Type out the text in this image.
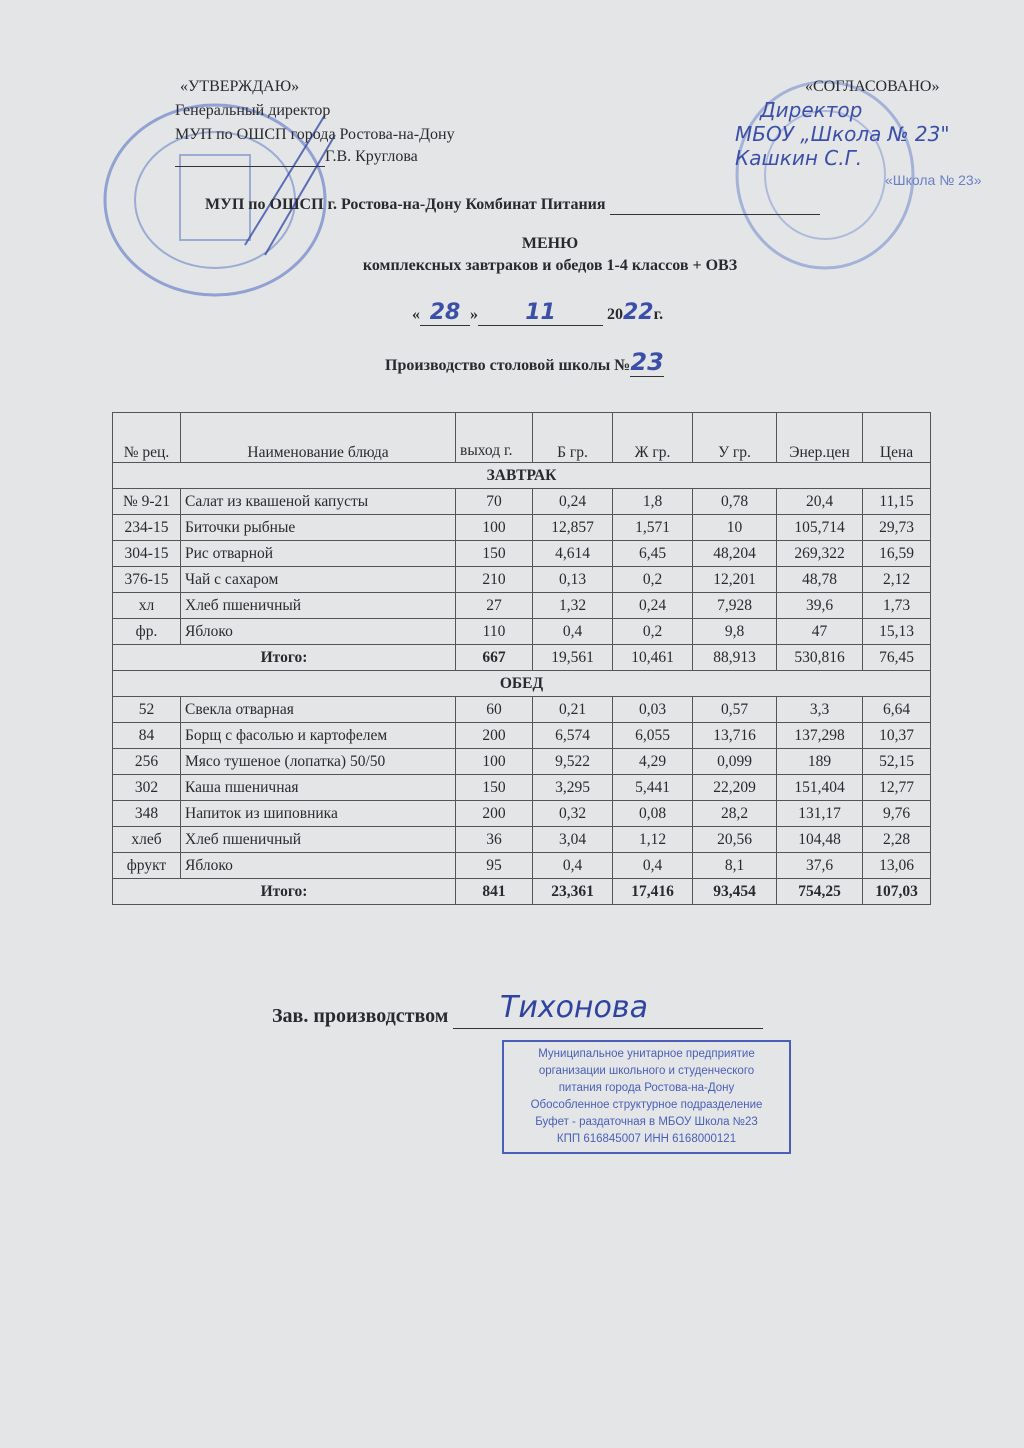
«Школа № 23»
«УТВЕРЖДАЮ»
Генеральный директор
МУП по ОШСП города Ростова-на-Дону
Г.В. Круглова
«СОГЛАСОВАНО»
Директор
МБОУ „Школа № 23"
Кашкин С.Г.
МУП по ОШСП г. Ростова-на-Дону Комбинат Питания
МЕНЮ
комплексных завтраков и обедов 1-4 классов + ОВЗ
« 28 » 11	2022г.
Производство столовой школы №23
№ рец.	Наименование блюда	выход г.	Б гр.	Ж гр.	У гр.	Энер.цен	Цена
ЗАВТРАК							
№ 9-21	Салат из квашеной капусты	70	0,24	1,8	0,78	20,4	11,15
234-15	Биточки рыбные	100	12,857	1,571	10	105,714	29,73
304-15	Рис отварной	150	4,614	6,45	48,204	269,322	16,59
376-15	Чай с сахаром	210	0,13	0,2	12,201	48,78	2,12
хл	Хлеб пшеничный	27	1,32	0,24	7,928	39,6	1,73
фр.	Яблоко	110	0,4	0,2	9,8	47	15,13
Итого:		667	19,561	10,461	88,913	530,816	76,45
ОБЕД							
52	Свекла отварная	60	0,21	0,03	0,57	3,3	6,64
84	Борщ с фасолью и картофелем	200	6,574	6,055	13,716	137,298	10,37
256	Мясо тушеное (лопатка) 50/50	100	9,522	4,29	0,099	189	52,15
302	Каша пшеничная	150	3,295	5,441	22,209	151,404	12,77
348	Напиток из шиповника	200	0,32	0,08	28,2	131,17	9,76
хлеб	Хлеб пшеничный	36	3,04	1,12	20,56	104,48	2,28
фрукт	Яблоко	95	0,4	0,4	8,1	37,6	13,06
Итого:		841	23,361	17,416	93,454	754,25	107,03
Зав. производством	Тихонова
Муниципальное унитарное предприятие
организации школьного и студенческого
питания города Ростова-на-Дону
Обособленное структурное подразделение
Буфет - раздаточная в МБОУ Школа №23
КПП 616845007 ИНН 6168000121
